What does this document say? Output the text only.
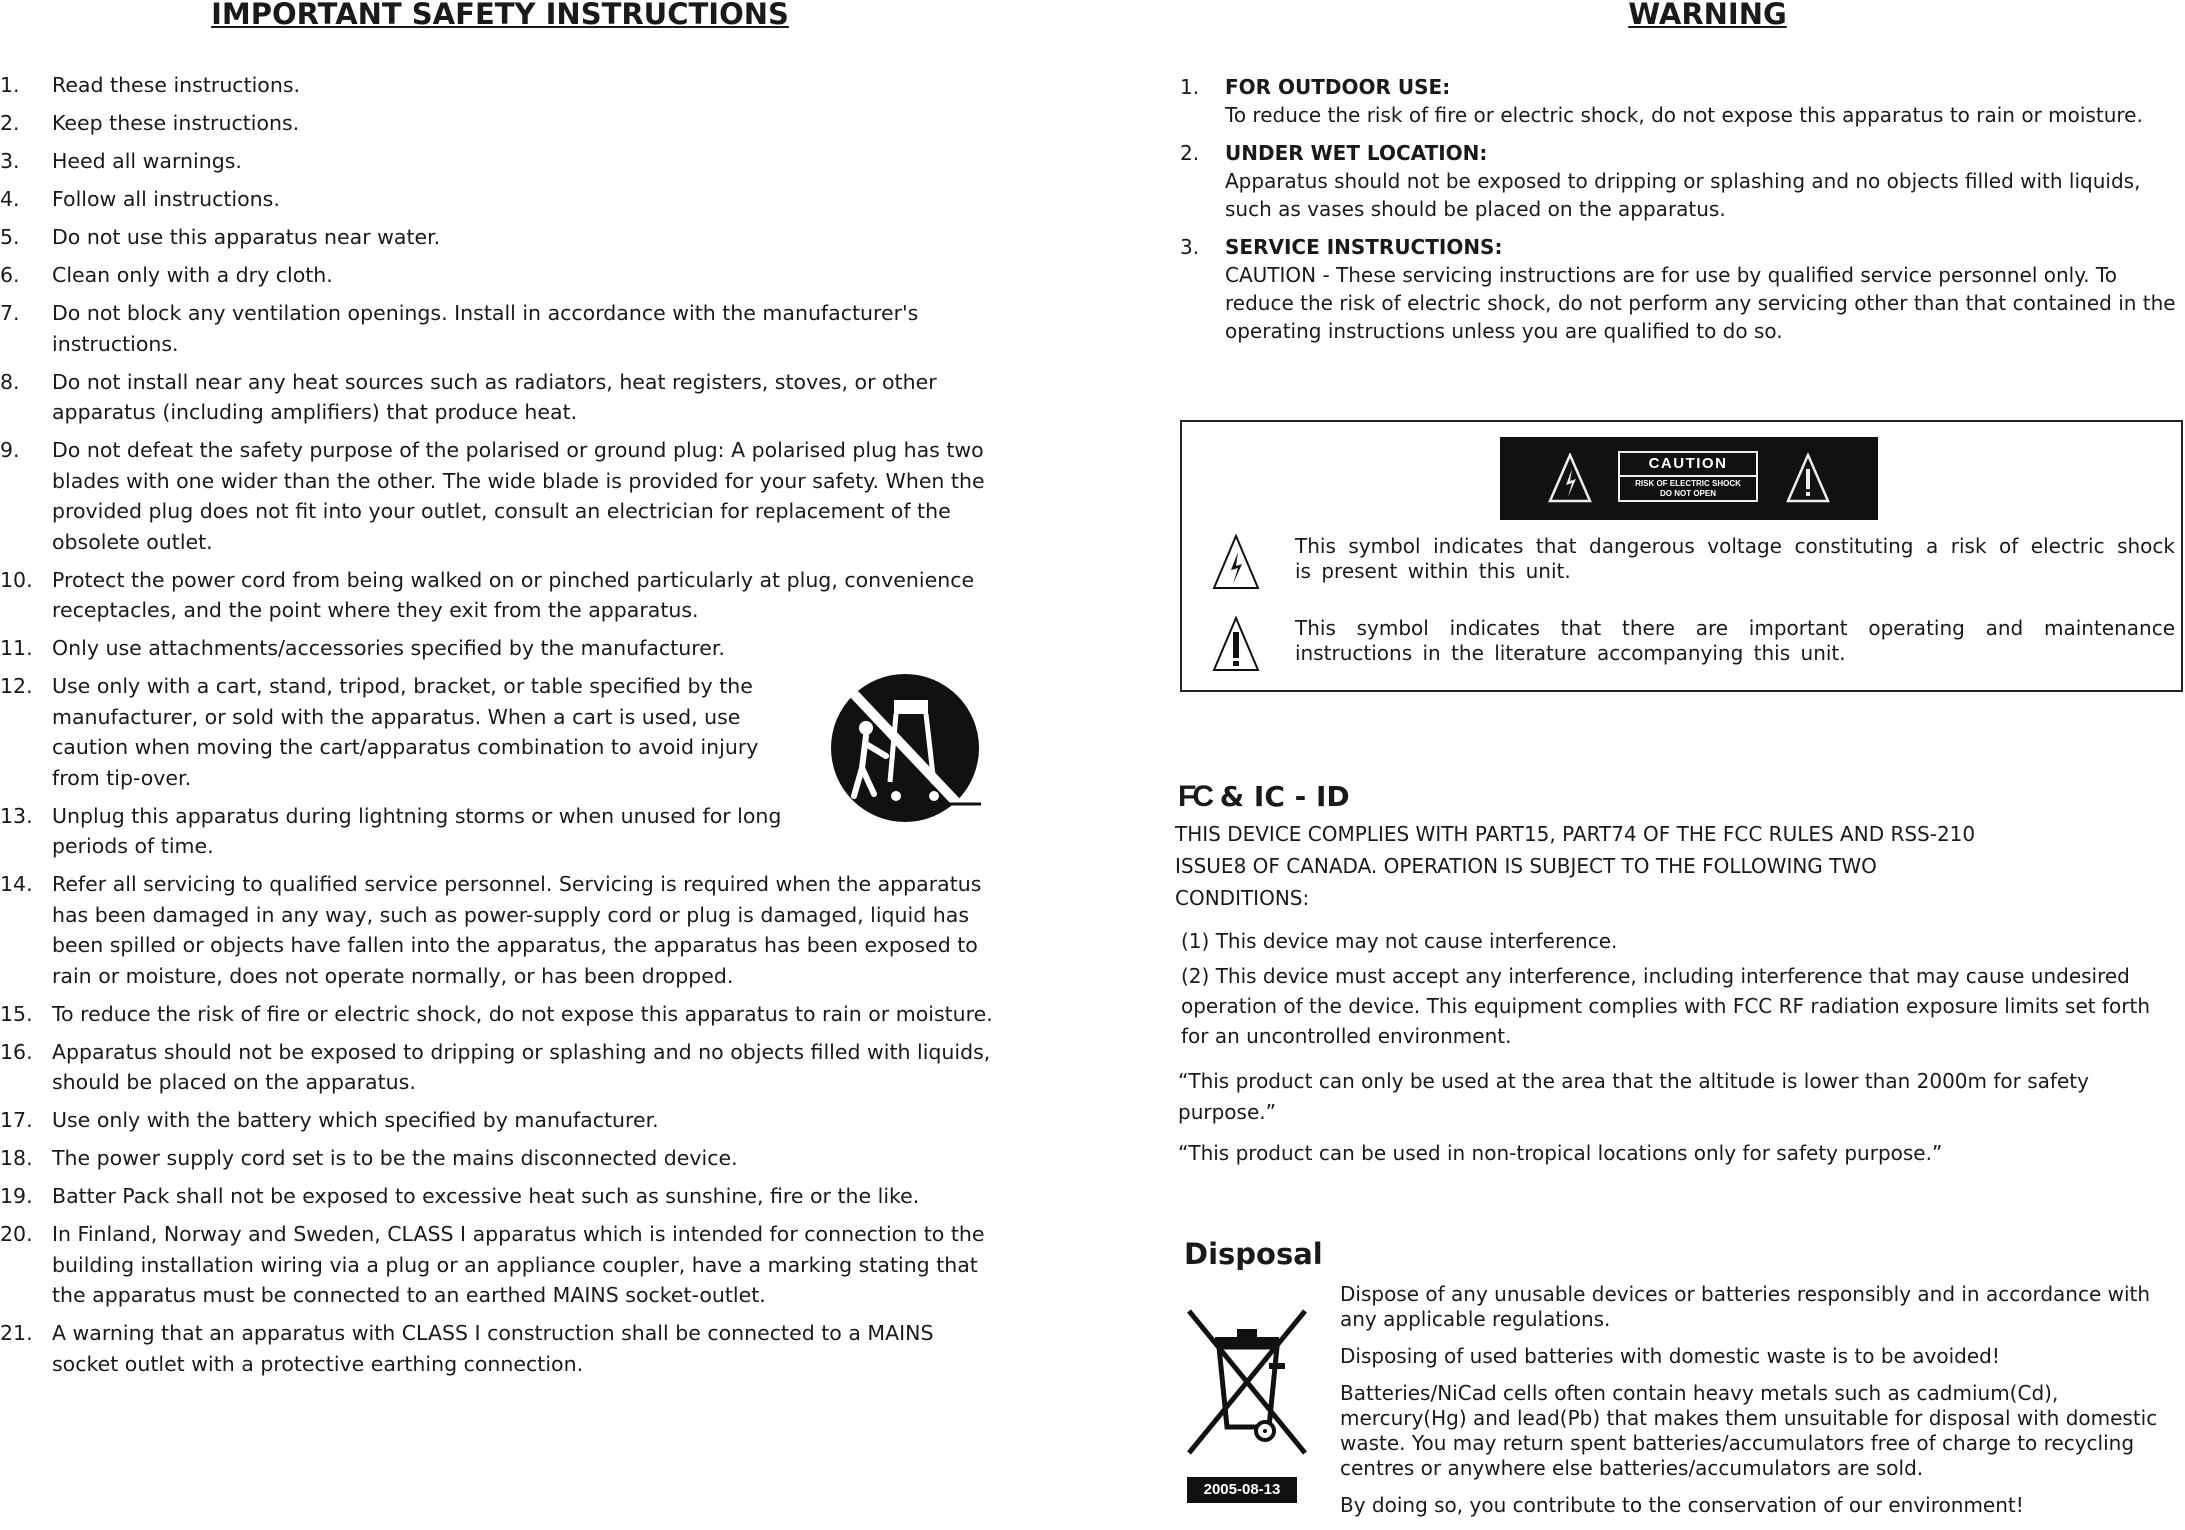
IMPORTANT SAFETY INSTRUCTIONS
1. Read these instructions.
2. Keep these instructions.
3. Heed all warnings.
4. Follow all instructions.
5. Do not use this apparatus near water.
6. Clean only with a dry cloth.
7. Do not block any ventilation openings. Install in accordance with the manufacturer's instructions.
8. Do not install near any heat sources such as radiators, heat registers, stoves, or other apparatus (including amplifiers) that produce heat.
9. Do not defeat the safety purpose of the polarised or ground plug: A polarised plug has two blades with one wider than the other. The wide blade is provided for your safety. When the provided plug does not fit into your outlet, consult an electrician for replacement of the obsolete outlet.
10. Protect the power cord from being walked on or pinched particularly at plug, convenience receptacles, and the point where they exit from the apparatus.
11. Only use attachments/accessories specified by the manufacturer.
12. Use only with a cart, stand, tripod, bracket, or table specified by the manufacturer, or sold with the apparatus. When a cart is used, use caution when moving the cart/apparatus combination to avoid injury from tip-over.
13. Unplug this apparatus during lightning storms or when unused for long periods of time.
14. Refer all servicing to qualified service personnel. Servicing is required when the apparatus has been damaged in any way, such as power-supply cord or plug is damaged, liquid has been spilled or objects have fallen into the apparatus, the apparatus has been exposed to rain or moisture, does not operate normally, or has been dropped.
15. To reduce the risk of fire or electric shock, do not expose this apparatus to rain or moisture.
16. Apparatus should not be exposed to dripping or splashing and no objects filled with liquids, should be placed on the apparatus.
17. Use only with the battery which specified by manufacturer.
18. The power supply cord set is to be the mains disconnected device.
19. Batter Pack shall not be exposed to excessive heat such as sunshine, fire or the like.
20. In Finland, Norway and Sweden, CLASS I apparatus which is intended for connection to the building installation wiring via a plug or an appliance coupler, have a marking stating that the apparatus must be connected to an earthed MAINS socket-outlet.
21. A warning that an apparatus with CLASS I construction shall be connected to a MAINS socket outlet with a protective earthing connection.
WARNING
1. FOR OUTDOOR USE:
To reduce the risk of fire or electric shock, do not expose this apparatus to rain or moisture.
2. UNDER WET LOCATION:
Apparatus should not be exposed to dripping or splashing and no objects filled with liquids, such as vases should be placed on the apparatus.
3. SERVICE INSTRUCTIONS:
CAUTION - These servicing instructions are for use by qualified service personnel only. To reduce the risk of electric shock, do not perform any servicing other than that contained in the operating instructions unless you are qualified to do so.
CAUTION
RISK OF ELECTRIC SHOCK
DO NOT OPEN
This symbol indicates that dangerous voltage constituting a risk of electric shock is present within this unit.
This symbol indicates that there are important operating and maintenance instructions in the literature accompanying this unit.
FC & IC - ID
THIS DEVICE COMPLIES WITH PART15, PART74 OF THE FCC RULES AND RSS-210
ISSUE8 OF CANADA. OPERATION IS SUBJECT TO THE FOLLOWING TWO
CONDITIONS:
(1) This device may not cause interference.
(2) This device must accept any interference, including interference that may cause undesired operation of the device. This equipment complies with FCC RF radiation exposure limits set forth for an uncontrolled environment.

“This product can only be used at the area that the altitude is lower than 2000m for safety purpose.”

“This product can be used in non-tropical locations only for safety purpose.”

Disposal
2005-08-13

Dispose of any unusable devices or batteries responsibly and in accordance with any applicable regulations.

Disposing of used batteries with domestic waste is to be avoided!

Batteries/NiCad cells often contain heavy metals such as cadmium(Cd), mercury(Hg) and lead(Pb) that makes them unsuitable for disposal with domestic waste. You may return spent batteries/accumulators free of charge to recycling centres or anywhere else batteries/accumulators are sold.

By doing so, you contribute to the conservation of our environment!
